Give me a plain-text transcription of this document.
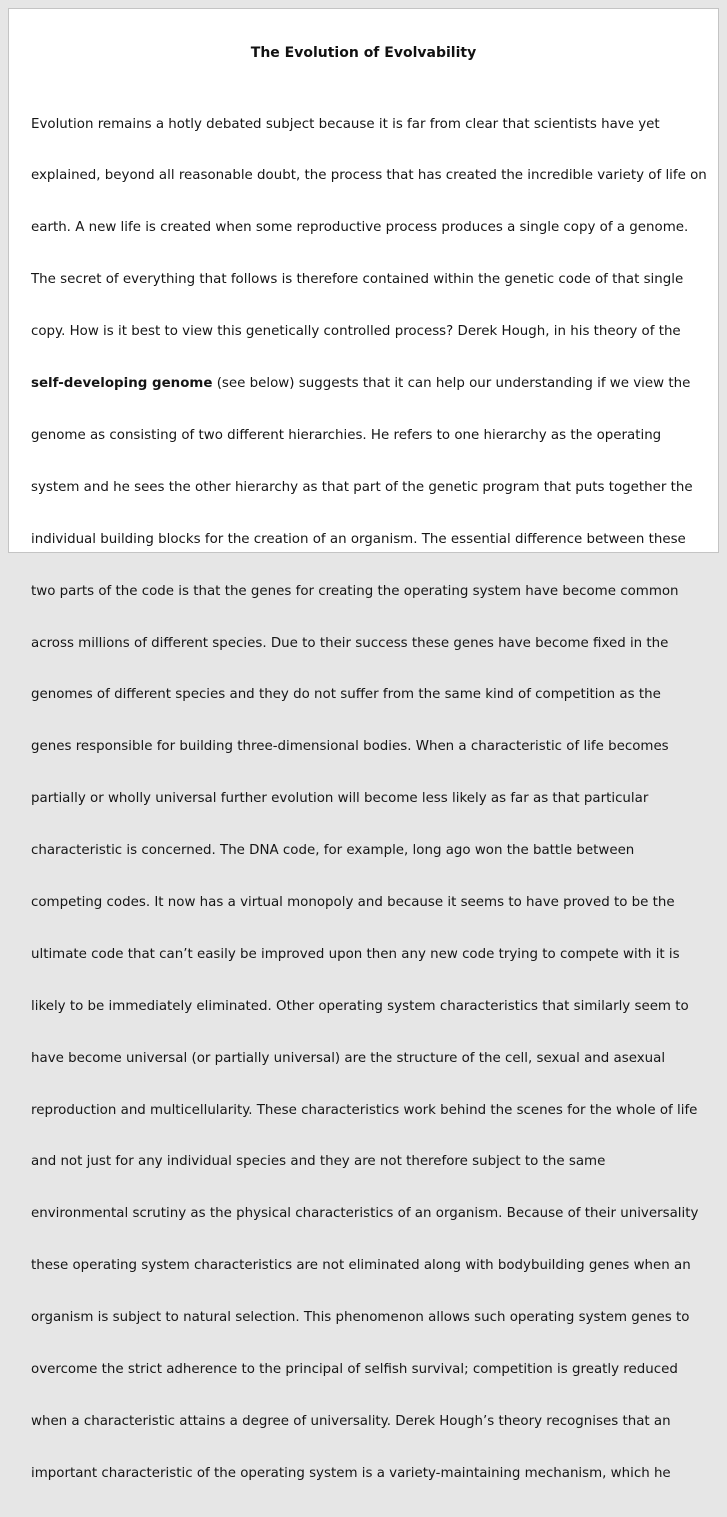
The Evolution of Evolvability

Evolution remains a hotly debated subject because it is far from clear that scientists have yet

explained, beyond all reasonable doubt, the process that has created the incredible variety of life on

earth. A new life is created when some reproductive process produces a single copy of a genome.

The secret of everything that follows is therefore contained within the genetic code of that single

copy. How is it best to view this genetically controlled process? Derek Hough, in his theory of the

self-developing genome (see below) suggests that it can help our understanding if we view the

genome as consisting of two different hierarchies. He refers to one hierarchy as the operating

system and he sees the other hierarchy as that part of the genetic program that puts together the

individual building blocks for the creation of an organism. The essential difference between these

two parts of the code is that the genes for creating the operating system have become common

across millions of different species. Due to their success these genes have become fixed in the

genomes of different species and they do not suffer from the same kind of competition as the

genes responsible for building three-dimensional bodies. When a characteristic of life becomes

partially or wholly universal further evolution will become less likely as far as that particular

characteristic is concerned. The DNA code, for example, long ago won the battle between

competing codes. It now has a virtual monopoly and because it seems to have proved to be the

ultimate code that can’t easily be improved upon then any new code trying to compete with it is

likely to be immediately eliminated. Other operating system characteristics that similarly seem to

have become universal (or partially universal) are the structure of the cell, sexual and asexual

reproduction and multicellularity. These characteristics work behind the scenes for the whole of life

and not just for any individual species and they are not therefore subject to the same

environmental scrutiny as the physical characteristics of an organism. Because of their universality

these operating system characteristics are not eliminated along with bodybuilding genes when an

organism is subject to natural selection. This phenomenon allows such operating system genes to

overcome the strict adherence to the principal of selfish survival; competition is greatly reduced

when a characteristic attains a degree of universality. Derek Hough’s theory recognises that an

important characteristic of the operating system is a variety-maintaining mechanism, which he
